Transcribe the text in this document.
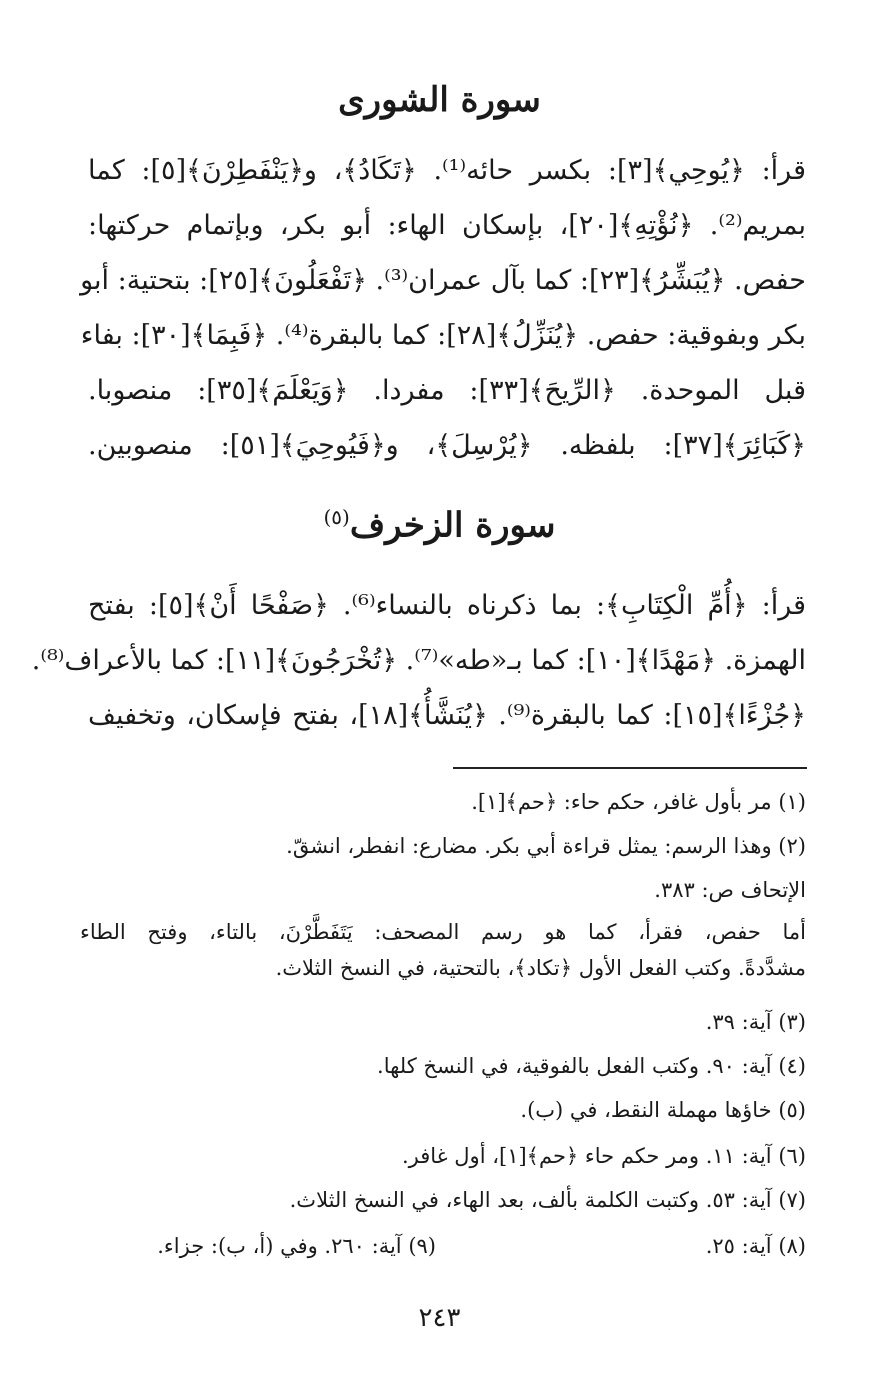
سورة الشورى
قرأ: ﴿يُوحِي﴾[٣]: بكسر حائه⁽¹⁾. ﴿تَكَادُ﴾، و﴿يَنْفَطِرْنَ﴾[٥]: كما
بمريم⁽²⁾. ﴿نُؤْتِهِ﴾[٢٠]، بإسكان الهاء: أبو بكر، وبإتمام حركتها:
حفص. ﴿يُبَشِّرُ﴾[٢٣]: كما بآل عمران⁽³⁾. ﴿تَفْعَلُونَ﴾[٢٥]: بتحتية: أبو
بكر وبفوقية: حفص. ﴿يُنَزِّلُ﴾[٢٨]: كما بالبقرة⁽⁴⁾. ﴿فَبِمَا﴾[٣٠]: بفاء
قبل الموحدة. ﴿الرِّيحَ﴾[٣٣]: مفردا. ﴿وَيَعْلَمَ﴾[٣٥]: منصوبا.
﴿كَبَائِرَ﴾[٣٧]: بلفظه. ﴿يُرْسِلَ﴾، و﴿فَيُوحِيَ﴾[٥١]: منصوبين.
سورة الزخرف$^{(٥)}$
قرأ: ﴿أُمِّ الْكِتَابِ﴾: بما ذكرناه بالنساء⁽⁶⁾. ﴿صَفْحًا أَنْ﴾[٥]: بفتح
الهمزة. ﴿مَهْدًا﴾[١٠]: كما بـ«طه»⁽⁷⁾. ﴿تُخْرَجُونَ﴾[١١]: كما بالأعراف⁽⁸⁾.
﴿جُزْءًا﴾[١٥]: كما بالبقرة⁽⁹⁾. ﴿يُنَشَّأُ﴾[١٨]، بفتح فإسكان، وتخفيف
(١) مر بأول غافر، حكم حاء: ﴿حم﴾[١].
(٢) وهذا الرسم: يمثل قراءة أبي بكر. مضارع: انفطر، انشقّ.
الإتحاف ص: ٣٨٣.
أما حفص، فقرأ، كما هو رسم المصحف: يَتَفَطَّرْنَ، بالتاء، وفتح الطاء
مشدَّدةً. وكتب الفعل الأول ﴿تكاد﴾، بالتحتية، في النسخ الثلاث.
(٣) آية: ٣٩.
(٤) آية: ٩٠. وكتب الفعل بالفوقية، في النسخ كلها.
(٥) خاؤها مهملة النقط، في (ب).
(٦) آية: ١١. ومر حكم حاء ﴿حم﴾[١]، أول غافر.
(٧) آية: ٥٣. وكتبت الكلمة بألف، بعد الهاء، في النسخ الثلاث.
(٨) آية: ٢٥.
(٩) آية: ٢٦٠. وفي (أ، ب): جزاء.
٢٤٣
